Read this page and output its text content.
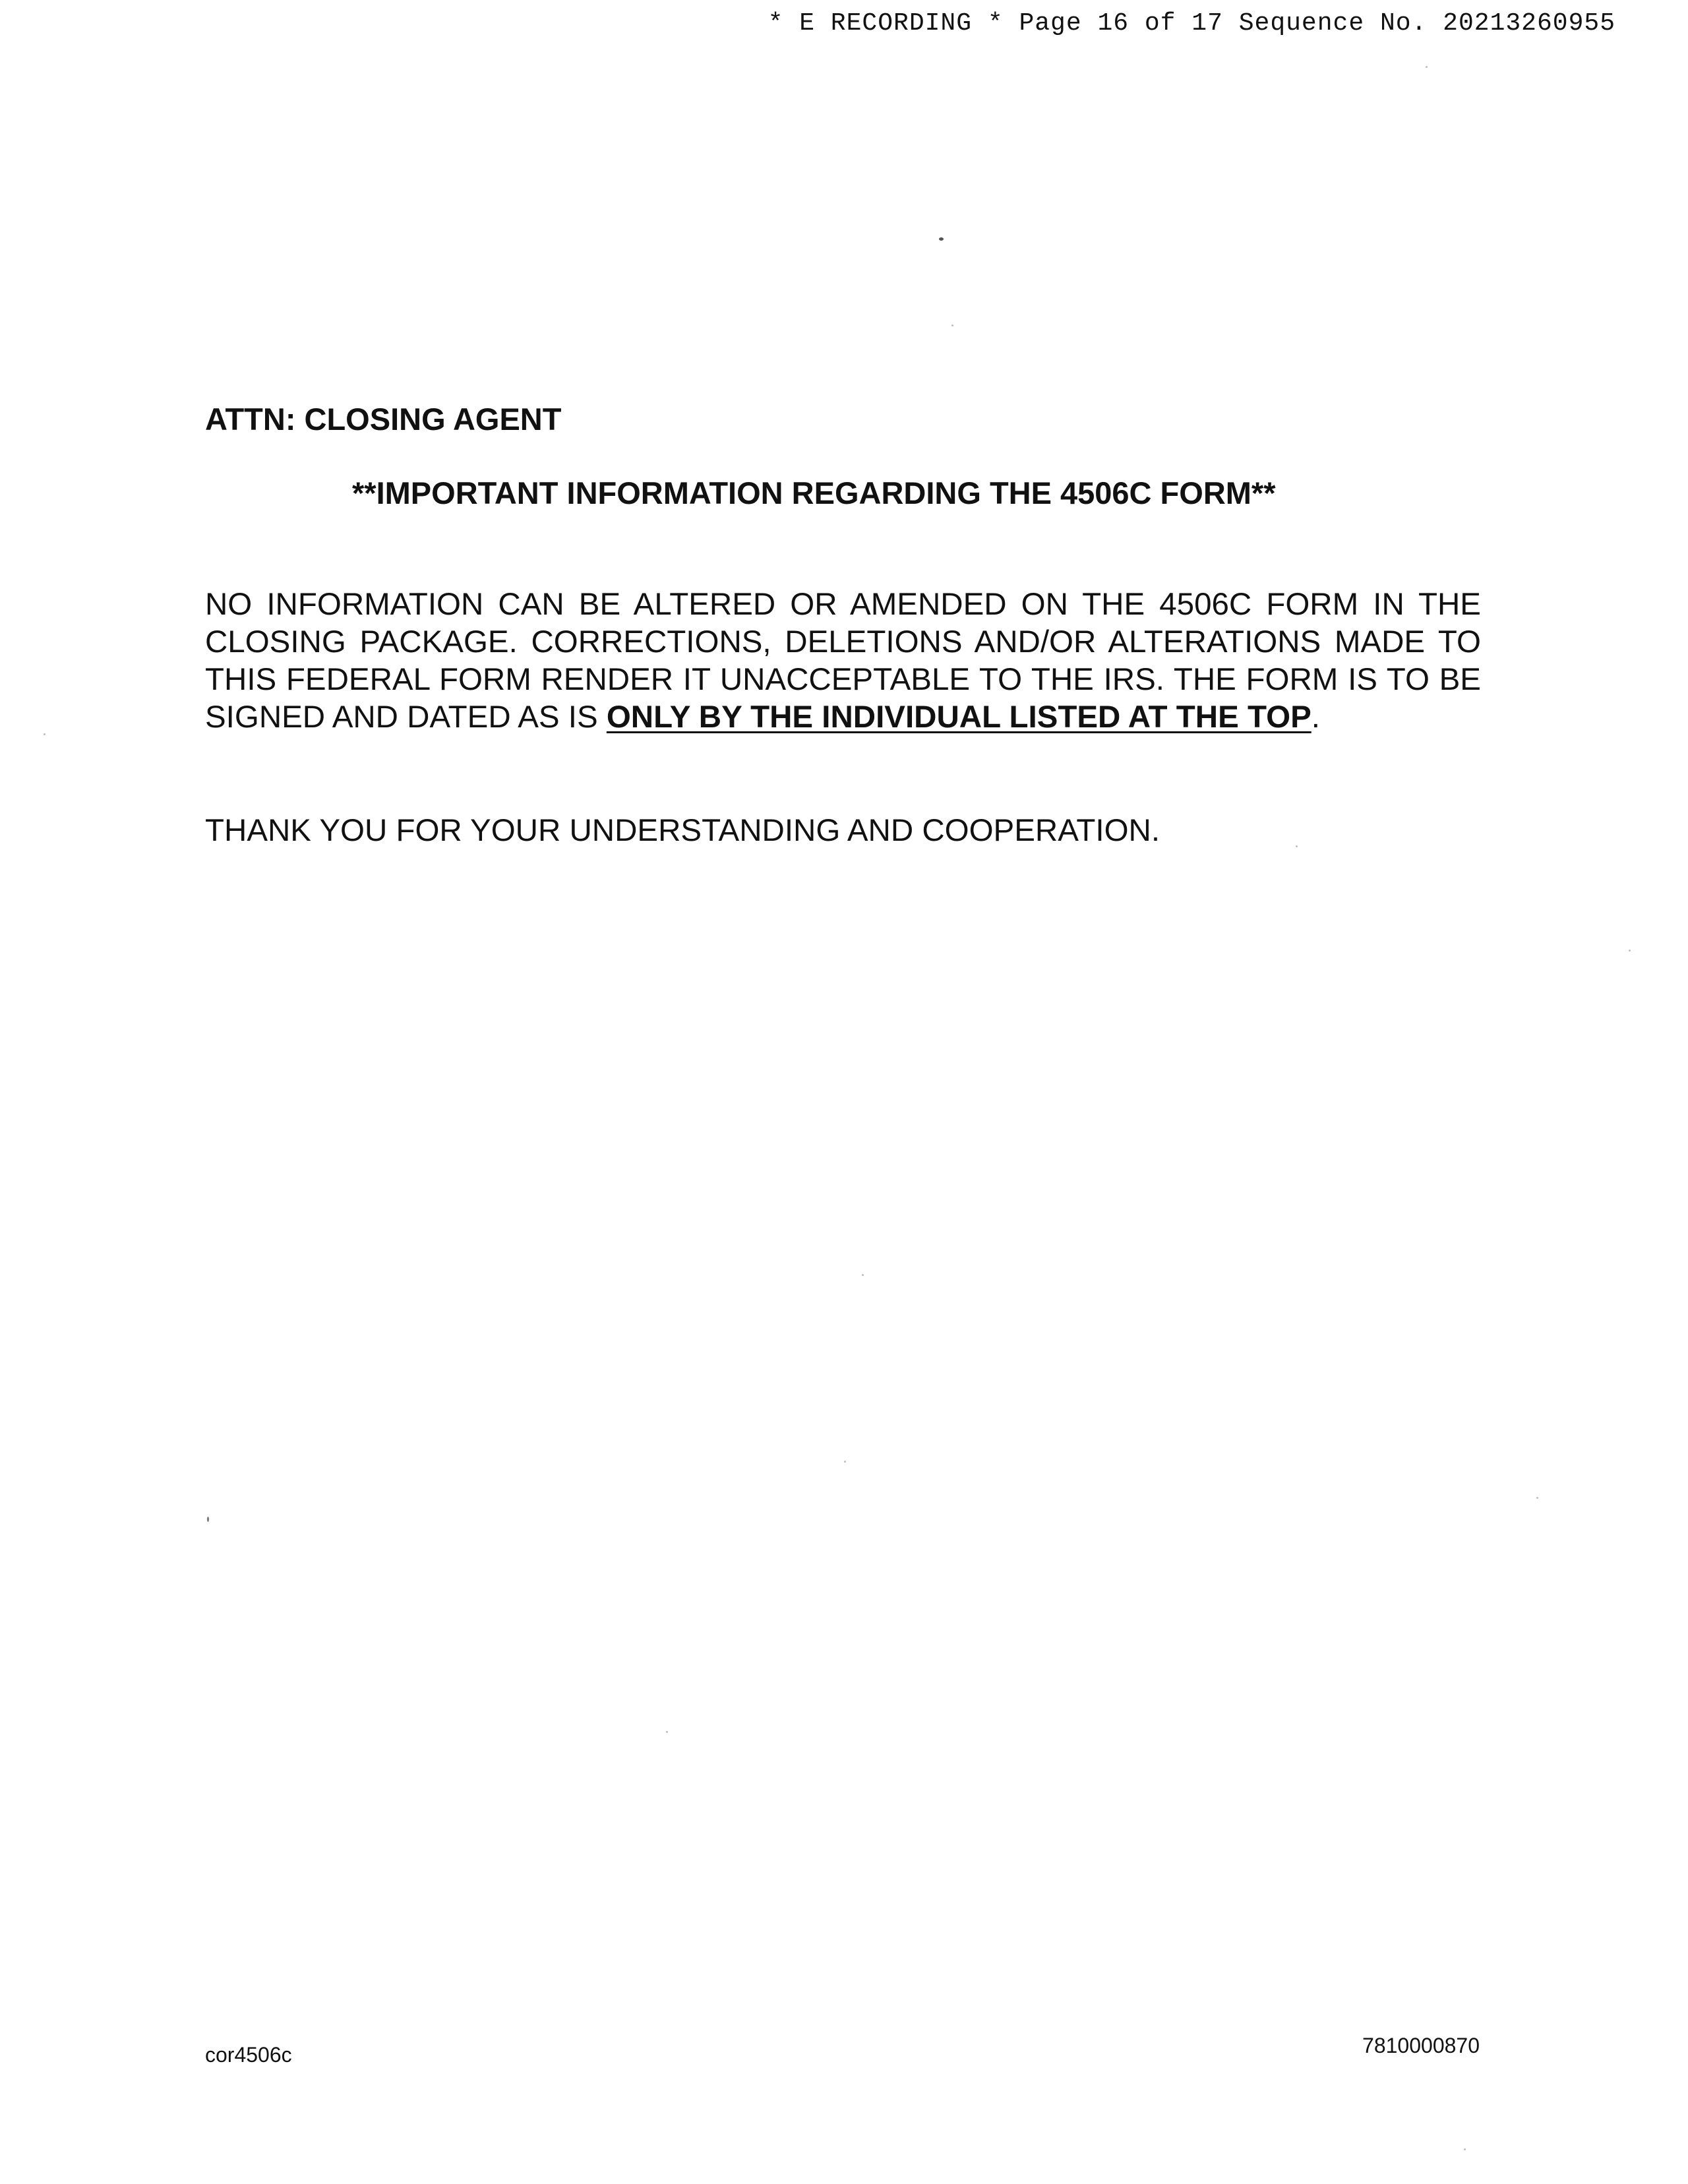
* E RECORDING * Page 16 of 17 Sequence No. 20213260955
ATTN: CLOSING AGENT
**IMPORTANT INFORMATION REGARDING THE 4506C FORM**
NO INFORMATION CAN BE ALTERED OR AMENDED ON THE 4506C FORM IN THE CLOSING PACKAGE. CORRECTIONS, DELETIONS AND/OR ALTERATIONS MADE TO THIS FEDERAL FORM RENDER IT UNACCEPTABLE TO THE IRS. THE FORM IS TO BE SIGNED AND DATED AS IS ONLY BY THE INDIVIDUAL LISTED AT THE TOP.
THANK YOU FOR YOUR UNDERSTANDING AND COOPERATION.
cor4506c	7810000870
